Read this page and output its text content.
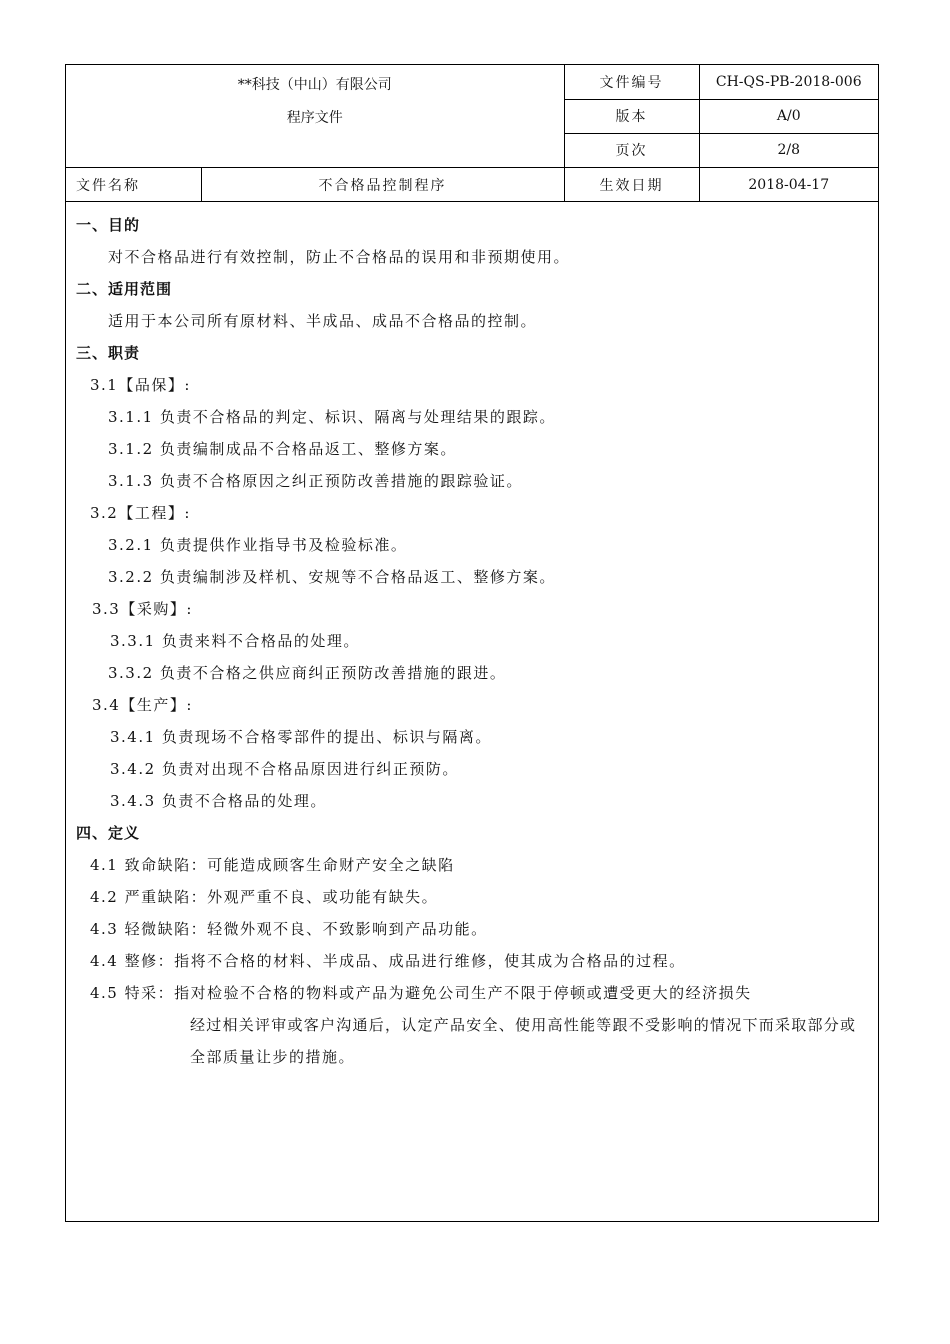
**科技（中山）有限公司
程序文件		文件编号	CH-QS-PB-2018-006
		版本	A/0
		页次	2/8
文件名称	不合格品控制程序	生效日期	2018-04-17
一、目的
对不合格品进行有效控制，防止不合格品的误用和非预期使用。
二、适用范围
适用于本公司所有原材料、半成品、成品不合格品的控制。
三、职责
3.1【品保】:
3.1.1 负责不合格品的判定、标识、隔离与处理结果的跟踪。
3.1.2 负责编制成品不合格品返工、整修方案。
3.1.3 负责不合格原因之纠正预防改善措施的跟踪验证。
3.2【工程】:
3.2.1 负责提供作业指导书及检验标准。
3.2.2 负责编制涉及样机、安规等不合格品返工、整修方案。
3.3【采购】:
3.3.1 负责来料不合格品的处理。
3.3.2 负责不合格之供应商纠正预防改善措施的跟进。
3.4【生产】:
3.4.1 负责现场不合格零部件的提出、标识与隔离。
3.4.2 负责对出现不合格品原因进行纠正预防。
3.4.3 负责不合格品的处理。
四、定义
4.1 致命缺陷：可能造成顾客生命财产安全之缺陷
4.2 严重缺陷：外观严重不良、或功能有缺失。
4.3 轻微缺陷：轻微外观不良、不致影响到产品功能。
4.4 整修：指将不合格的材料、半成品、成品进行维修，使其成为合格品的过程。
4.5 特采：指对检验不合格的物料或产品为避免公司生产不限于停顿或遭受更大的经济损失
经过相关评审或客户沟通后，认定产品安全、使用高性能等跟不受影响的情况下而采取部分或
全部质量让步的措施。
